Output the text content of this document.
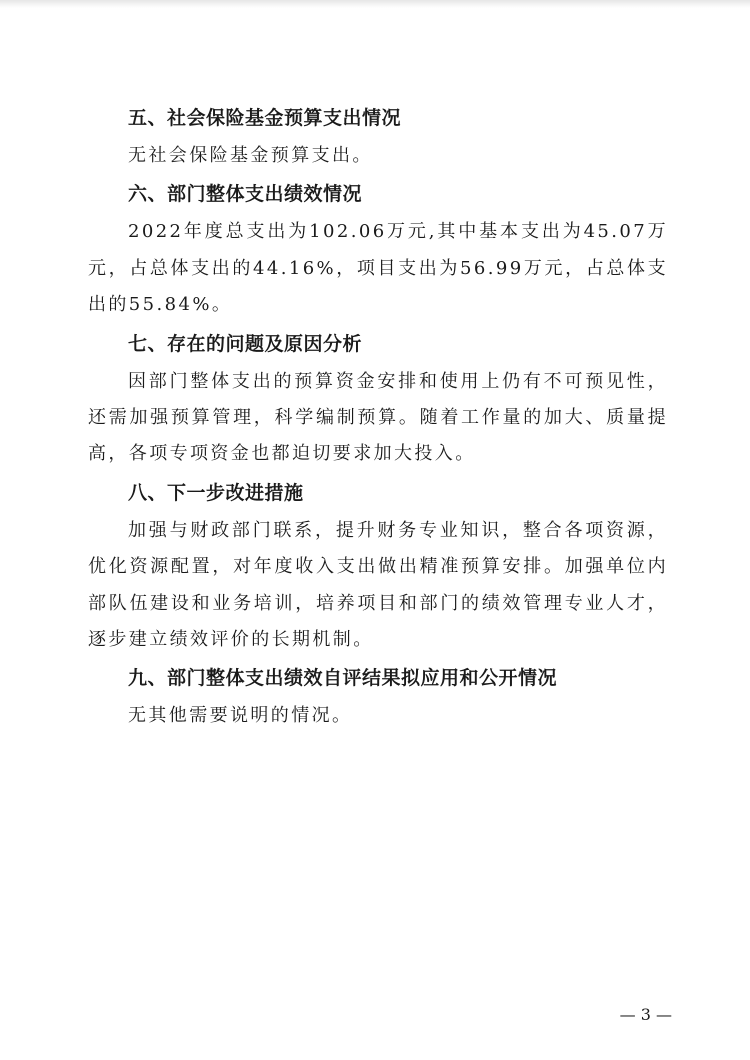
五、社会保险基金预算支出情况

无社会保险基金预算支出。

六、部门整体支出绩效情况

2022年度总支出为102.06万元,其中基本支出为45.07万元，占总体支出的44.16%，项目支出为56.99万元，占总体支出的55.84%。

七、存在的问题及原因分析

因部门整体支出的预算资金安排和使用上仍有不可预见性，还需加强预算管理，科学编制预算。随着工作量的加大、质量提高，各项专项资金也都迫切要求加大投入。

八、下一步改进措施

加强与财政部门联系，提升财务专业知识，整合各项资源，优化资源配置，对年度收入支出做出精准预算安排。加强单位内部队伍建设和业务培训，培养项目和部门的绩效管理专业人才，逐步建立绩效评价的长期机制。

九、部门整体支出绩效自评结果拟应用和公开情况

无其他需要说明的情况。

— 3 —
